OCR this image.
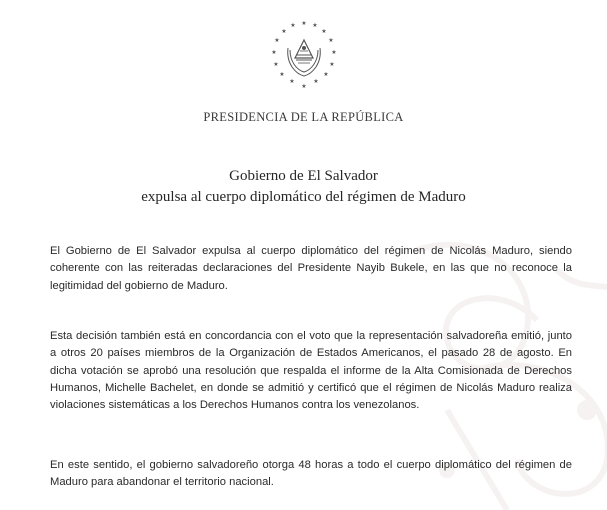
★ ★
★
★
★
★
★
★
★
★
★
★
★
★
★
★
PRESIDENCIA DE LA REPÚBLICA
Gobierno de El Salvador
expulsa al cuerpo diplomático del régimen de Maduro
El Gobierno de El Salvador expulsa al cuerpo diplomático del régimen de Nicolás Maduro, siendo coherente con las reiteradas declaraciones del Presidente Nayib Bukele, en las que no reconoce la legitimidad del gobierno de Maduro.
Esta decisión también está en concordancia con el voto que la representación salvadoreña emitió, junto a otros 20 países miembros de la Organización de Estados Americanos, el pasado 28 de agosto. En dicha votación se aprobó una resolución que respalda el informe de la Alta Comisionada de Derechos Humanos, Michelle Bachelet, en donde se admitió y certificó que el régimen de Nicolás Maduro realiza violaciones sistemáticas a los Derechos Humanos contra los venezolanos.
En este sentido, el gobierno salvadoreño otorga 48 horas a todo el cuerpo diplomático del régimen de Maduro para abandonar el territorio nacional.
